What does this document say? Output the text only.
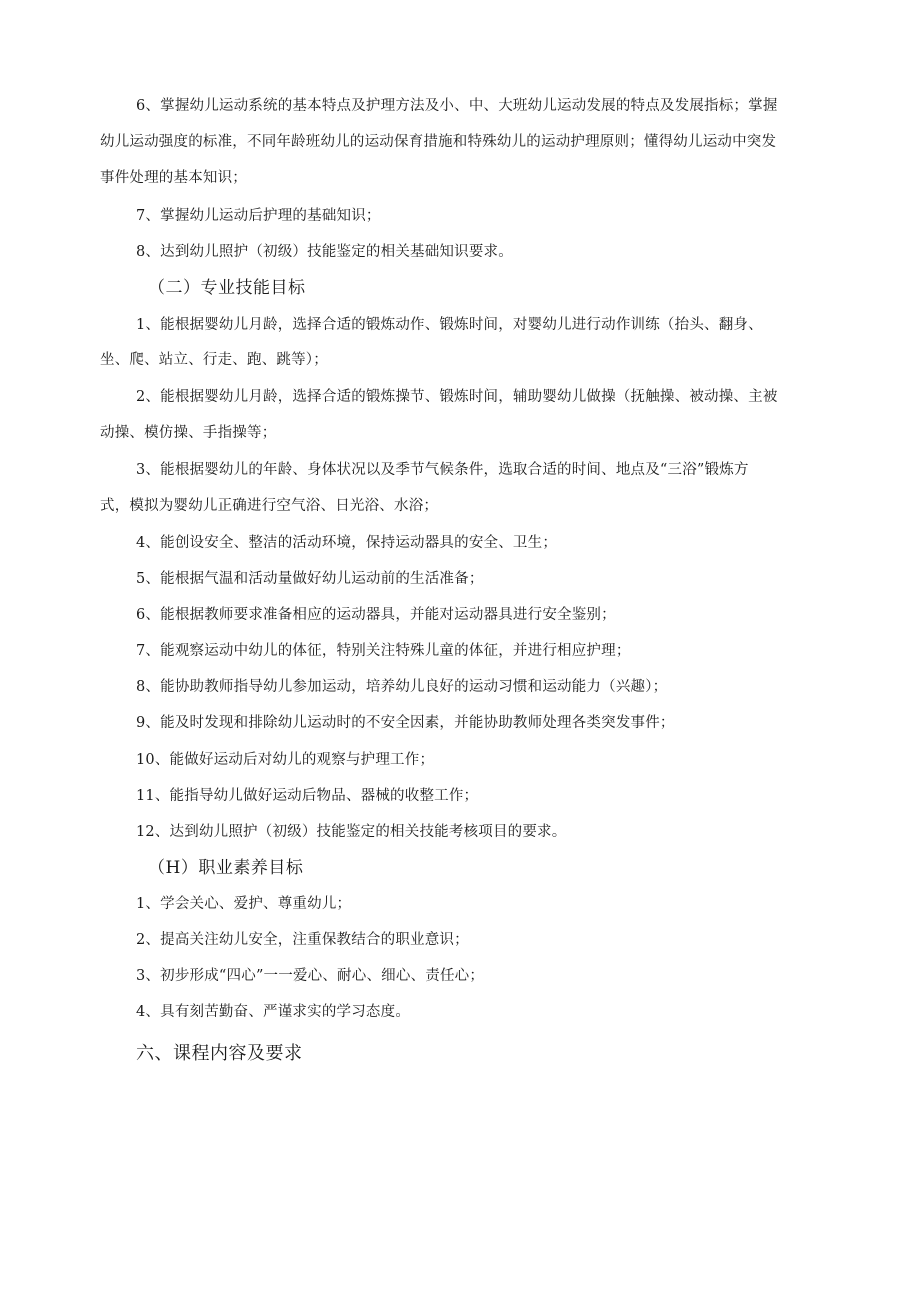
6、掌握幼儿运动系统的基本特点及护理方法及小、中、大班幼儿运动发展的特点及发展指标；掌握
幼儿运动强度的标准，不同年龄班幼儿的运动保育措施和特殊幼儿的运动护理原则；懂得幼儿运动中突发
事件处理的基本知识；
7、掌握幼儿运动后护理的基础知识；
8、达到幼儿照护（初级）技能鉴定的相关基础知识要求。
（二）专业技能目标
1、能根据婴幼儿月龄，选择合适的锻炼动作、锻炼时间，对婴幼儿进行动作训练（抬头、翻身、
坐、爬、站立、行走、跑、跳等）；
2、能根据婴幼儿月龄，选择合适的锻炼操节、锻炼时间，辅助婴幼儿做操（抚触操、被动操、主被
动操、模仿操、手指操等；
3、能根据婴幼儿的年龄、身体状况以及季节气候条件，选取合适的时间、地点及“三浴”锻炼方
式，模拟为婴幼儿正确进行空气浴、日光浴、水浴；
4、能创设安全、整洁的活动环境，保持运动器具的安全、卫生；
5、能根据气温和活动量做好幼儿运动前的生活准备；
6、能根据教师要求准备相应的运动器具，并能对运动器具进行安全鉴别；
7、能观察运动中幼儿的体征，特别关注特殊儿童的体征，并进行相应护理；
8、能协助教师指导幼儿参加运动，培养幼儿良好的运动习惯和运动能力（兴趣）；
9、能及时发现和排除幼儿运动时的不安全因素，并能协助教师处理各类突发事件；
10、能做好运动后对幼儿的观察与护理工作；
11、能指导幼儿做好运动后物品、器械的收整工作；
12、达到幼儿照护（初级）技能鉴定的相关技能考核项目的要求。
（H）职业素养目标
1、学会关心、爱护、尊重幼儿；
2、提高关注幼儿安全，注重保教结合的职业意识；
3、初步形成“四心”一一爱心、耐心、细心、责任心；
4、具有刻苦勤奋、严谨求实的学习态度。
六、课程内容及要求
